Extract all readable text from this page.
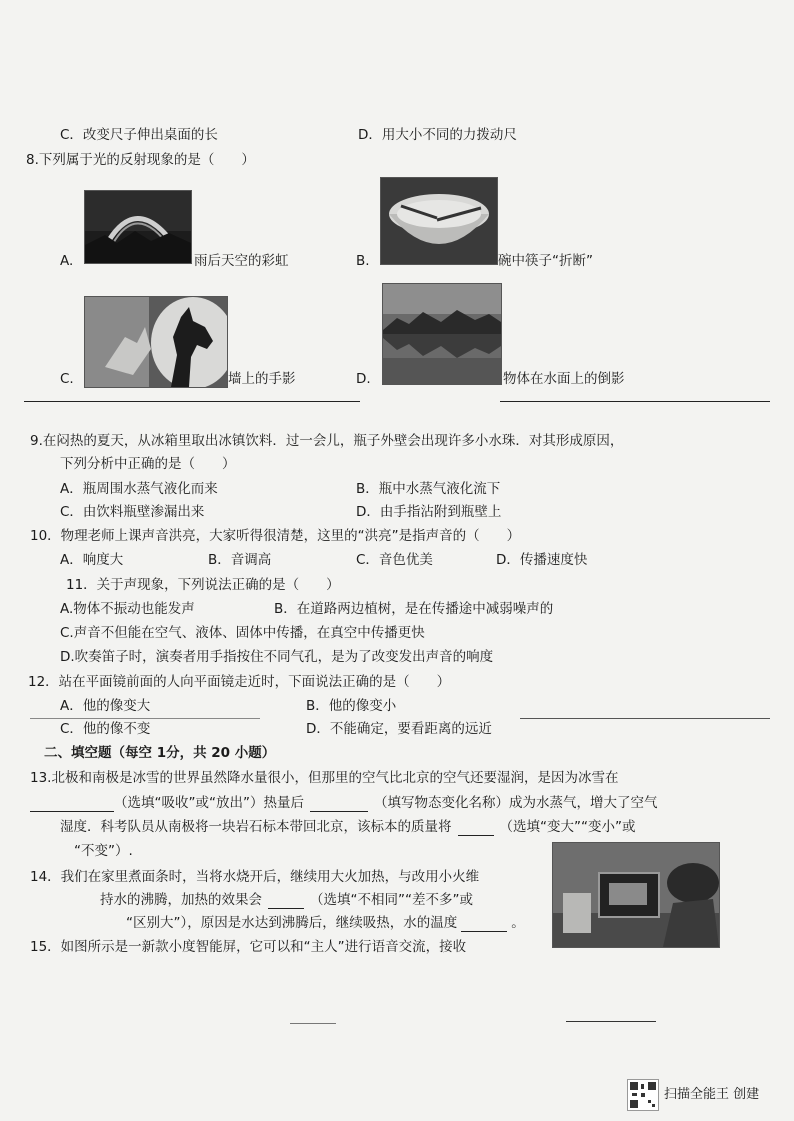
C．改变尺子伸出桌面的长	D．用大小不同的力拨动尺
8.下列属于光的反射现象的是（　　）
A.	雨后天空的彩虹	B.	碗中筷子“折断”
C.	墙上的手影	D.	物体在水面上的倒影
9.在闷热的夏天，从冰箱里取出冰镇饮料．过一会儿，瓶子外壁会出现许多小水珠．对其形成原因，
下列分析中正确的是（　　）
A．瓶周围水蒸气液化而来	B．瓶中水蒸气液化流下
C．由饮料瓶壁渗漏出来	D．由手指沾附到瓶壁上
10．物理老师上课声音洪亮，大家听得很清楚，这里的“洪亮”是指声音的（　　）
A．响度大	B．音调高	C．音色优美	D．传播速度快
11．关于声现象，下列说法正确的是（　　）
A.物体不振动也能发声	B．在道路两边植树，是在传播途中减弱噪声的
C.声音不但能在空气、液体、固体中传播，在真空中传播更快
D.吹奏笛子时，演奏者用手指按住不同气孔，是为了改变发出声音的响度
12．站在平面镜前面的人向平面镜走近时，下面说法正确的是（　　）
A．他的像变大	B．他的像变小
C．他的像不变	D．不能确定，要看距离的远近
二、填空题（每空 1分，共 20 小题）
13.北极和南极是冰雪的世界虽然降水量很小，但那里的空气比北京的空气还要湿润，是因为冰雪在
（选填“吸收”或“放出”）热量后	（填写物态变化名称）成为水蒸气，增大了空气
湿度．科考队员从南极将一块岩石标本带回北京，该标本的质量将	（选填“变大”“变小”或
“不变”）.
14．我们在家里煮面条时，当将水烧开后，继续用大火加热，与改用小火维
持水的沸腾，加热的效果会	（选填“不相同”“差不多”或
“区别大”），原因是水达到沸腾后，继续吸热，水的温度	。
15．如图所示是一新款小度智能屏，它可以和“主人”进行语音交流，接收
扫描全能王 创建
